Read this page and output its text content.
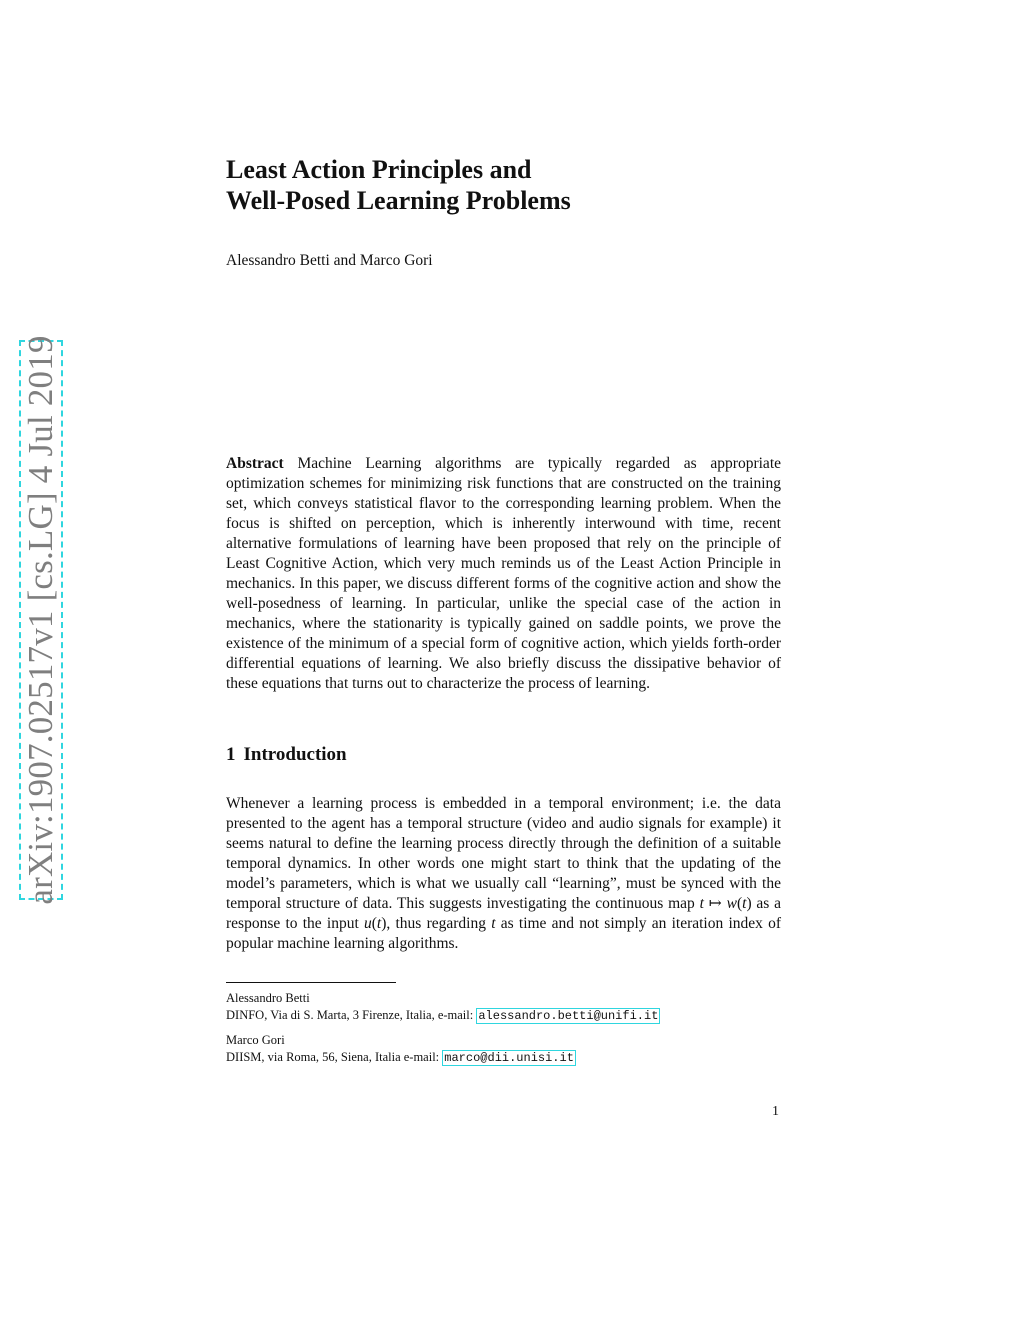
arXiv:1907.02517v1 [cs.LG] 4 Jul 2019
Least Action Principles and
Well-Posed Learning Problems
Alessandro Betti and Marco Gori

Abstract Machine Learning algorithms are typically regarded as appropriate optimization schemes for minimizing risk functions that are constructed on the training set, which conveys statistical flavor to the corresponding learning problem. When the focus is shifted on perception, which is inherently interwound with time, recent alternative formulations of learning have been proposed that rely on the principle of Least Cognitive Action, which very much reminds us of the Least Action Principle in mechanics. In this paper, we discuss different forms of the cognitive action and show the well-posedness of learning. In particular, unlike the special case of the action in mechanics, where the stationarity is typically gained on saddle points, we prove the existence of the minimum of a special form of cognitive action, which yields forth-order differential equations of learning. We also briefly discuss the dissipative behavior of these equations that turns out to characterize the process of learning.

1 Introduction

Whenever a learning process is embedded in a temporal environment; i.e. the data presented to the agent has a temporal structure (video and audio signals for example) it seems natural to define the learning process directly through the definition of a suitable temporal dynamics. In other words one might start to think that the updating of the model’s parameters, which is what we usually call “learning”, must be synced with the temporal structure of data. This suggests investigating the continuous map t ↦ w(t) as a response to the input u(t), thus regarding t as time and not simply an iteration index of popular machine learning algorithms.

Alessandro Betti
DINFO, Via di S. Marta, 3 Firenze, Italia, e-mail: alessandro.betti@unifi.it
Marco Gori
DIISM, via Roma, 56, Siena, Italia e-mail: marco@dii.unisi.it
1
